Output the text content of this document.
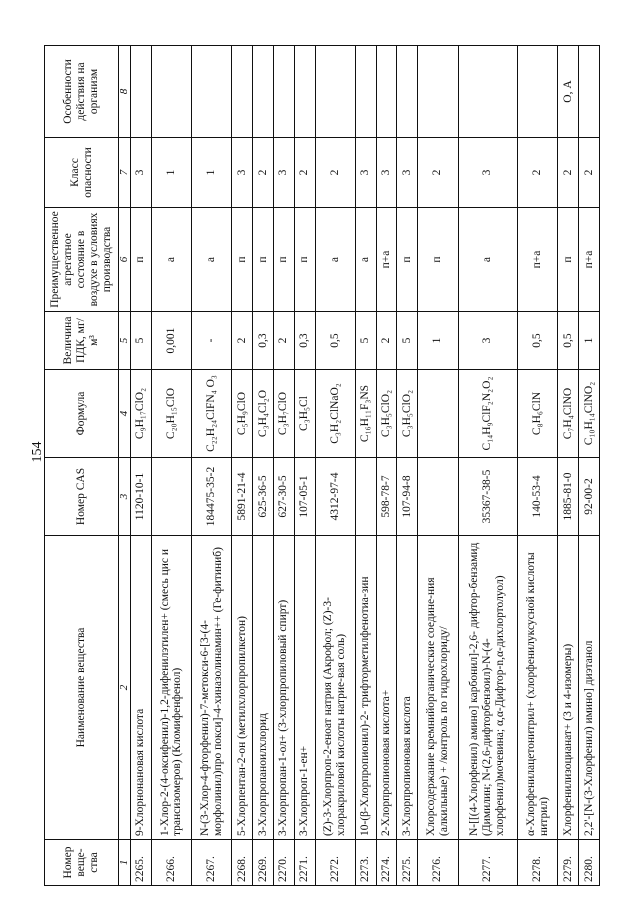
154
Номер веще-ства	Наименование вещества	Номер CAS	Формула	Величина ПДК, мг/м³	Преимущественное агрегатное состояние в воздухе в условиях производства	Класс опасности	Особенности действия на организм
1	2	3	4	5	6	7	8
2265.	9-Хлорнонановая кислота	1120-10-1	C₉H₁₇ClO₂	5	п	3	
2266.	1-Хлор-2-(4-оксифенил)-1,2-дифенилэтилен+ (смесь цис и трансизомеров) (Кломифенфенол)		C₂₀H₁₅ClO	0,001	а	1	
2267.	N-(3-Хлор-4-фторфенил)-7-метокси-6-[3-(4-морфолинил)про покси]-4-хиназолинамин++ (Ге-фитиниб)	184475-35-2	C₂₂H₂₄ClFN₄ O₃	-	а	1	
2268.	5-Хлорпентан-2-он (метилхлорпропилкетон)	5891-21-4	C₅H₉ClO	2	п	3	
2269.	3-Хлорпропаноилхлорид	625-36-5	C₃H₄Cl₂O	0,3	п	2	
2270.	3-Хлорпропан-1-ол+ (3-хлорпропиловый спирт)	627-30-5	C₃H₇ClO	2	п	3	
2271.	3-Хлорпроп-1-ен+	107-05-1	C₃H₅Cl	0,3	п	2	
2272.	(Z)-3-Хлорпроп-2-еноат натрия (Акрофол; (Z)-3-хлоракриловой кислоты натрие-вая соль)	4312-97-4	C₃H₂ClNaO₂	0,5	а	2	
2273.	10-(β-Хлорпропионил)-2- трифторметилфенотиа-зин		C₁₆H₁₁F₃NS	5	а	3	
2274.	2-Хлорпропионовая кислота+	598-78-7	C₃H₅ClO₂	2	п+а	3	
2275.	3-Хлорпропионовая кислота	107-94-8	C₃H₅ClO₂	5	п	3	
2276.	Хлорсодержание кремнийорганические соедине-ния (алкильные) + /контроль по гидрохлориду/			1	п	2	
2277.	N-[[(4-Хлорфенил) амино] карбонил]-2,6- дифтор-бензамид (Димилин; N-(2,6-дифторбензоил)-N-(4-хлорфенил)мочевина; α,α-Дифтор-n,α-дихлортолуол)	35367-38-5	C₁₄H₉ClF₂N₂O₂	3	а	3	
2278.	α-Хлорфенилацетонитрил+ (хлорфенилуксусной кислоты нитрил)	140-53-4	C₈H₆ClN	0,5	п+а	2	
2279.	Хлорфенилизоцианат+ (3 и 4-изомеры)	1885-81-0	C₇H₄ClNO	0,5	п	2	О, А
2280.	2,2'-[N-(3-Хлорфенил) имино] диэтанол	92-00-2	C₁₀H₁₄ClNO₂	1	п+а	2	
